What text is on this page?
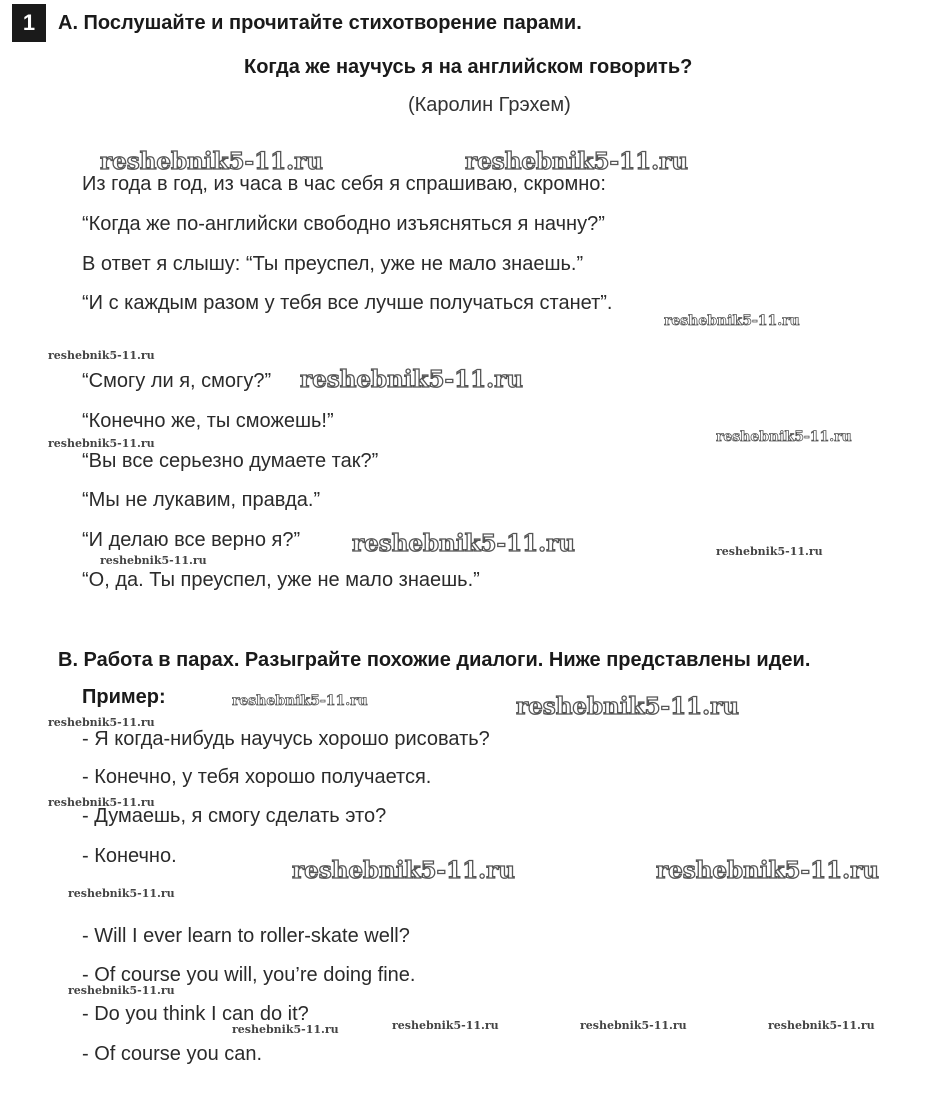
1	A. Послушайте и прочитайте стихотворение парами.
Когда же научусь я на английском говорить?
(Каролин Грэхем)
Из года в год, из часа в час себя я спрашиваю, скромно:
“Когда же по-английски свободно изъясняться я начну?”
В ответ я слышу: “Ты преуспел, уже не мало знаешь.”
“И с каждым разом у тебя все лучше получаться станет”.
“Смогу ли я, смогу?”
“Конечно же, ты сможешь!”
“Вы все серьезно думаете так?”
“Мы не лукавим, правда.”
“И делаю все верно я?”
“О, да. Ты преуспел, уже не мало знаешь.”
B. Работа в парах. Разыграйте похожие диалоги. Ниже представлены идеи.
Пример:
- Я когда-нибудь научусь хорошо рисовать?
- Конечно, у тебя хорошо получается.
- Думаешь, я смогу сделать это?
- Конечно.
- Will I ever learn to roller-skate well?
- Of course you will, you’re doing fine.
- Do you think I can do it?
- Of course you can.
reshebnik5-11.ru	reshebnik5-11.ru
reshebnik5-11.ru
reshebnik5-11.ru
reshebnik5-11.ru
reshebnik5-11.ru
reshebnik5-11.ru
reshebnik5-11.ru	reshebnik5-11.ru
reshebnik5-11.ru
reshebnik5-11.ru	reshebnik5-11.ru
reshebnik5-11.ru
reshebnik5-11.ru
reshebnik5-11.ru	reshebnik5-11.ru
reshebnik5-11.ru
reshebnik5-11.ru
reshebnik5-11.ru	reshebnik5-11.ru	reshebnik5-11.ru	reshebnik5-11.ru
